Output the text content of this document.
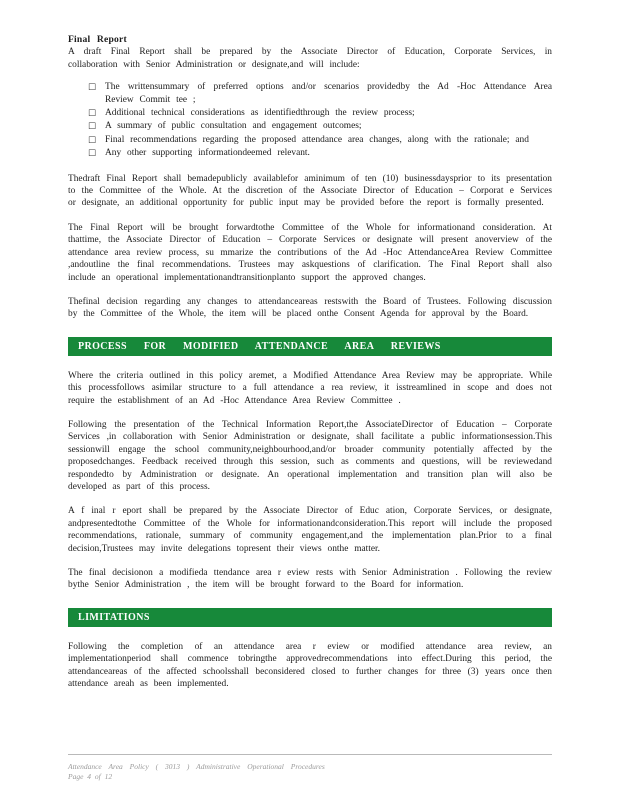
Final Report

A draft Final Report shall be prepared by the Associate Director of Education, Corporate Services, in collaboration with Senior Administration or designate,and will include:

□ The writtensummary of preferred options and/or scenarios providedby the Ad -Hoc Attendance Area Review Commit tee ;
□ Additional technical considerations as identifiedthrough the review process;
□ A summary of public consultation and engagement outcomes;
□ Final recommendations regarding the proposed attendance area changes, along with the rationale; and
□ Any other supporting informationdeemed relevant.

Thedraft Final Report shall bemadepublicly availablefor aminimum of ten (10) businessdaysprior to its presentation to the Committee of the Whole. At the discretion of the Associate Director of Education – Corporat e Services or designate, an additional opportunity for public input may be provided before the report is formally presented.

The Final Report will be brought forwardtothe Committee of the Whole for informationand consideration. At thattime, the Associate Director of Education – Corporate Services or designate will present anoverview of the attendance area review process, su mmarize the contributions of the Ad -Hoc AttendanceArea Review Committee ,andoutline the final recommendations. Trustees may askquestions of clarification. The Final Report shall also include an operational implementationandtransitionplanto support the approved changes.

Thefinal decision regarding any changes to attendanceareas restswith the Board of Trustees. Following discussion by the Committee of the Whole, the item will be placed onthe Consent Agenda for approval by the Board.

PROCESS FOR MODIFIED ATTENDANCE AREA REVIEWS

Where the criteria outlined in this policy aremet, a Modified Attendance Area Review may be appropriate. While this processfollows asimilar structure to a full attendance a rea review, it isstreamlined in scope and does not require the establishment of an Ad -Hoc Attendance Area Review Committee .

Following the presentation of the Technical Information Report,the AssociateDirector of Education – Corporate Services ,in collaboration with Senior Administration or designate, shall facilitate a public informationsession.This sessionwill engage the school community,neighbourhood,and/or broader community potentially affected by the proposedchanges. Feedback received through this session, such as comments and questions, will be reviewedand respondedto by Administration or designate. An operational implementation and transition plan will also be developed as part of this process.

A f inal r eport shall be prepared by the Associate Director of Educ ation, Corporate Services, or designate, andpresentedtothe Committee of the Whole for informationandconsideration.This report will include the proposed recommendations, rationale, summary of community engagement,and the implementation plan.Prior to a final decision,Trustees may invite delegations topresent their views onthe matter.

The final decisionon a modifieda ttendance area r eview rests with Senior Administration . Following the review bythe Senior Administration , the item will be brought forward to the Board for information.

LIMITATIONS

Following the completion of an attendance area r eview or modified attendance area review, an implementationperiod shall commence tobringthe approvedrecommendations into effect.During this period, the attendanceareas of the affected schoolsshall beconsidered closed to further changes for three (3) years once then attendance areah as been implemented.

Attendance Area Policy ( 3013 ) Administrative Operational Procedures
Page 4 of 12
